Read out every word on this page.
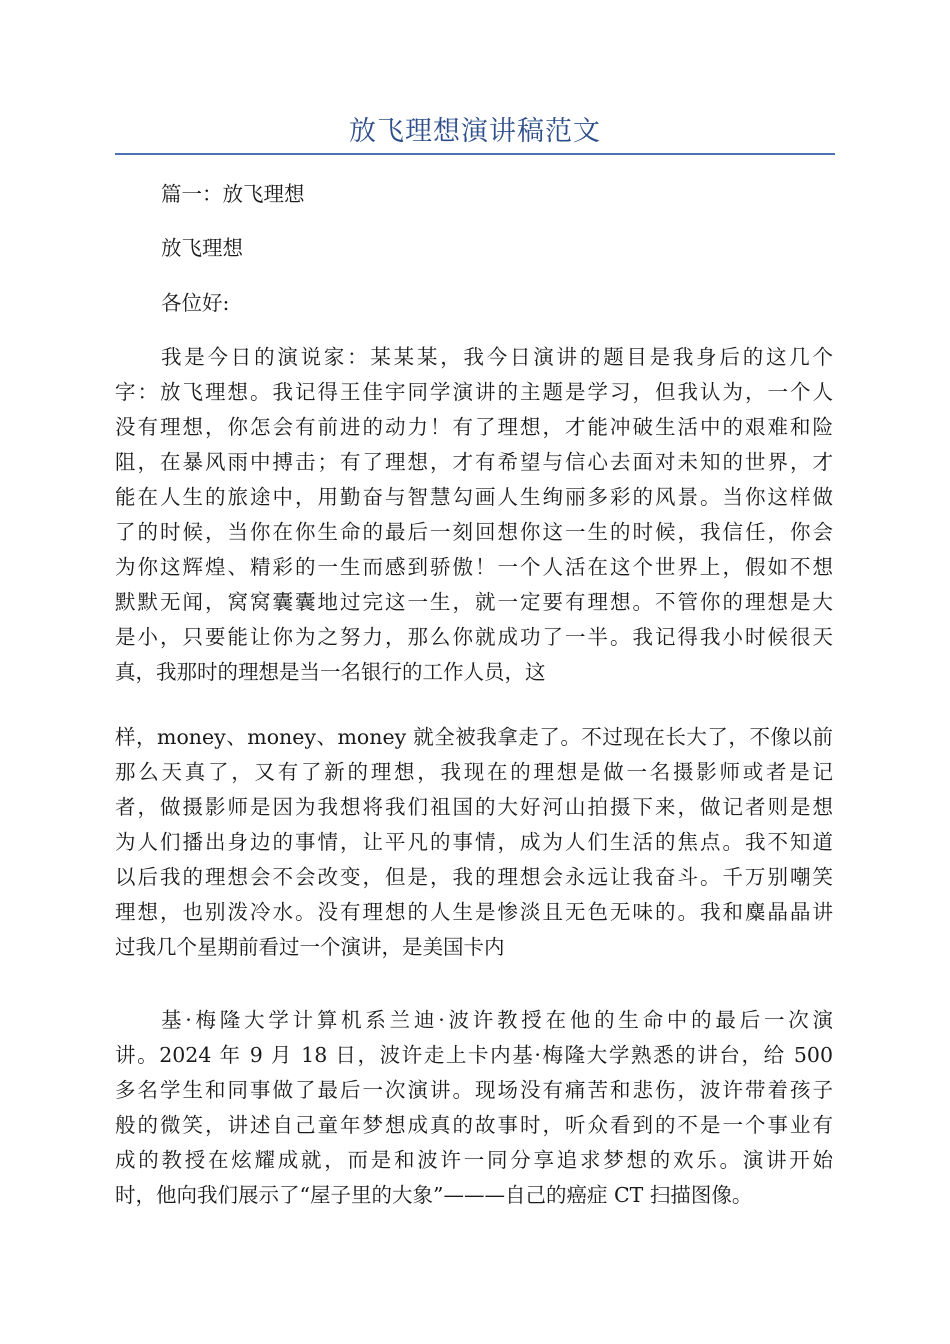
放飞理想演讲稿范文

篇一：放飞理想

放飞理想

各位好:

我是今日的演说家：某某某，我今日演讲的题目是我身后的这几个
字：放飞理想。我记得王佳宇同学演讲的主题是学习，但我认为，一个人
没有理想，你怎会有前进的动力！有了理想，才能冲破生活中的艰难和险
阻，在暴风雨中搏击；有了理想，才有希望与信心去面对未知的世界，才
能在人生的旅途中，用勤奋与智慧勾画人生绚丽多彩的风景。当你这样做
了的时候，当你在你生命的最后一刻回想你这一生的时候，我信任，你会
为你这辉煌、精彩的一生而感到骄傲！一个人活在这个世界上，假如不想
默默无闻，窝窝囊囊地过完这一生，就一定要有理想。不管你的理想是大
是小，只要能让你为之努力，那么你就成功了一半。我记得我小时候很天
真，我那时的理想是当一名银行的工作人员，这
样，money、money、money 就全被我拿走了。不过现在长大了，不像以前
那么天真了，又有了新的理想，我现在的理想是做一名摄影师或者是记
者，做摄影师是因为我想将我们祖国的大好河山拍摄下来，做记者则是想
为人们播出身边的事情，让平凡的事情，成为人们生活的焦点。我不知道
以后我的理想会不会改变，但是，我的理想会永远让我奋斗。千万别嘲笑
理想，也别泼冷水。没有理想的人生是惨淡且无色无味的。我和麋晶晶讲
过我几个星期前看过一个演讲，是美国卡内
基·梅隆大学计算机系兰迪·波许教授在他的生命中的最后一次演
讲。2024 年 9 月 18 日，波许走上卡内基·梅隆大学熟悉的讲台，给 500
多名学生和同事做了最后一次演讲。现场没有痛苦和悲伤，波许带着孩子
般的微笑，讲述自己童年梦想成真的故事时，听众看到的不是一个事业有
成的教授在炫耀成就，而是和波许一同分享追求梦想的欢乐。演讲开始
时，他向我们展示了“屋子里的大象”———自己的癌症 CT 扫描图像。
